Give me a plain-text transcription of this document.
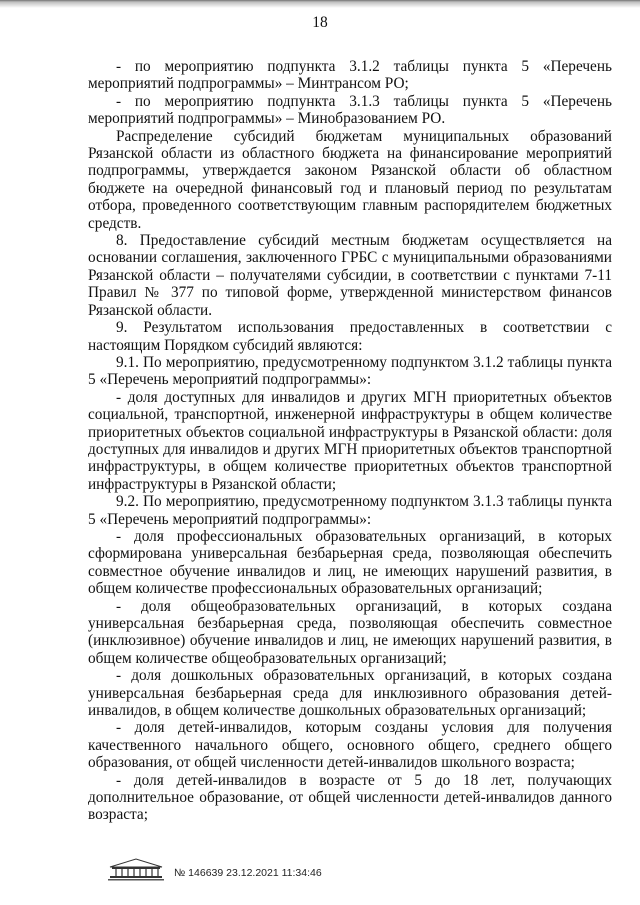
18

- по мероприятию подпункта 3.1.2 таблицы пункта 5 «Перечень мероприятий подпрограммы» – Минтрансом РО;

- по мероприятию подпункта 3.1.3 таблицы пункта 5 «Перечень мероприятий подпрограммы» – Минобразованием РО.

Распределение субсидий бюджетам муниципальных образований Рязанской области из областного бюджета на финансирование мероприятий подпрограммы, утверждается законом Рязанской области об областном бюджете на очередной финансовый год и плановый период по результатам отбора, проведенного соответствующим главным распорядителем бюджетных средств.

8. Предоставление субсидий местным бюджетам осуществляется на основании соглашения, заключенного ГРБС с муниципальными образованиями Рязанской области – получателями субсидии, в соответствии с пунктами 7-11 Правил № 377 по типовой форме, утвержденной министерством финансов Рязанской области.

9. Результатом использования предоставленных в соответствии с настоящим Порядком субсидий являются:

9.1. По мероприятию, предусмотренному подпунктом 3.1.2 таблицы пункта 5 «Перечень мероприятий подпрограммы»:

- доля доступных для инвалидов и других МГН приоритетных объектов социальной, транспортной, инженерной инфраструктуры в общем количестве приоритетных объектов социальной инфраструктуры в Рязанской области: доля доступных для инвалидов и других МГН приоритетных объектов транспортной инфраструктуры, в общем количестве приоритетных объектов транспортной инфраструктуры в Рязанской области;

9.2. По мероприятию, предусмотренному подпунктом 3.1.3 таблицы пункта 5 «Перечень мероприятий подпрограммы»:

- доля профессиональных образовательных организаций, в которых сформирована универсальная безбарьерная среда, позволяющая обеспечить совместное обучение инвалидов и лиц, не имеющих нарушений развития, в общем количестве профессиональных образовательных организаций;

- доля общеобразовательных организаций, в которых создана универсальная безбарьерная среда, позволяющая обеспечить совместное (инклюзивное) обучение инвалидов и лиц, не имеющих нарушений развития, в общем количестве общеобразовательных организаций;

- доля дошкольных образовательных организаций, в которых создана универсальная безбарьерная среда для инклюзивного образования детей-инвалидов, в общем количестве дошкольных образовательных организаций;

- доля детей-инвалидов, которым созданы условия для получения качественного начального общего, основного общего, среднего общего образования, от общей численности детей-инвалидов школьного возраста;

- доля детей-инвалидов в возрасте от 5 до 18 лет, получающих дополнительное образование, от общей численности детей-инвалидов данного возраста;

№ 146639 23.12.2021 11:34:46
